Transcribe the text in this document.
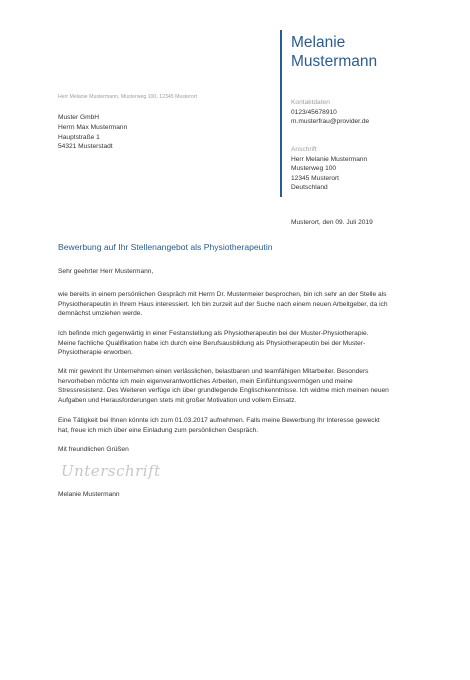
Melanie
Mustermann
Kontaktdaten
0123/45678910
m.musterfrau@provider.de
Anschrift
Herr Melanie Mustermann
Musterweg 100
12345 Musterort
Deutschland
Herr Melanie Mustermann, Musterweg 100, 12345 Musterort
Muster GmbH
Herrn Max Mustermann
Hauptstraße 1
54321 Musterstadt
Musterort, den 09. Juli 2019
Bewerbung auf Ihr Stellenangebot als Physiotherapeutin
Sehr geehrter Herr Mustermann,
wie bereits in einem persönlichen Gespräch mit Herrn Dr. Mustermeier besprochen, bin ich sehr an der Stelle als
Physiotherapeutin in Ihrem Haus interessiert. Ich bin zurzeit auf der Suche nach einem neuen Arbeitgeber, da ich
demnächst umziehen werde.
Ich befinde mich gegenwärtig in einer Festanstellung als Physiotherapeutin bei der Muster-Physiotherapie.
Meine fachliche Qualifikation habe ich durch eine Berufsausbildung als Physiotherapeutin bei der Muster-
Physiotherapie erworben.
Mit mir gewinnt Ihr Unternehmen einen verlässlichen, belastbaren und teamfähigen Mitarbeiter. Besonders
hervorheben möchte ich mein eigenverantwortliches Arbeiten, mein Einfühlungsvermögen und meine
Stressresistenz. Des Weiteren verfüge ich über grundlegende Englischkenntnisse. Ich widme mich meinen neuen
Aufgaben und Herausforderungen stets mit großer Motivation und vollem Einsatz.
Eine Tätigkeit bei Ihnen könnte ich zum 01.03.2017 aufnehmen. Falls meine Bewerbung Ihr Interesse geweckt
hat, freue ich mich über eine Einladung zum persönlichen Gespräch.
Mit freundlichen Grüßen
Unterschrift
Melanie Mustermann
